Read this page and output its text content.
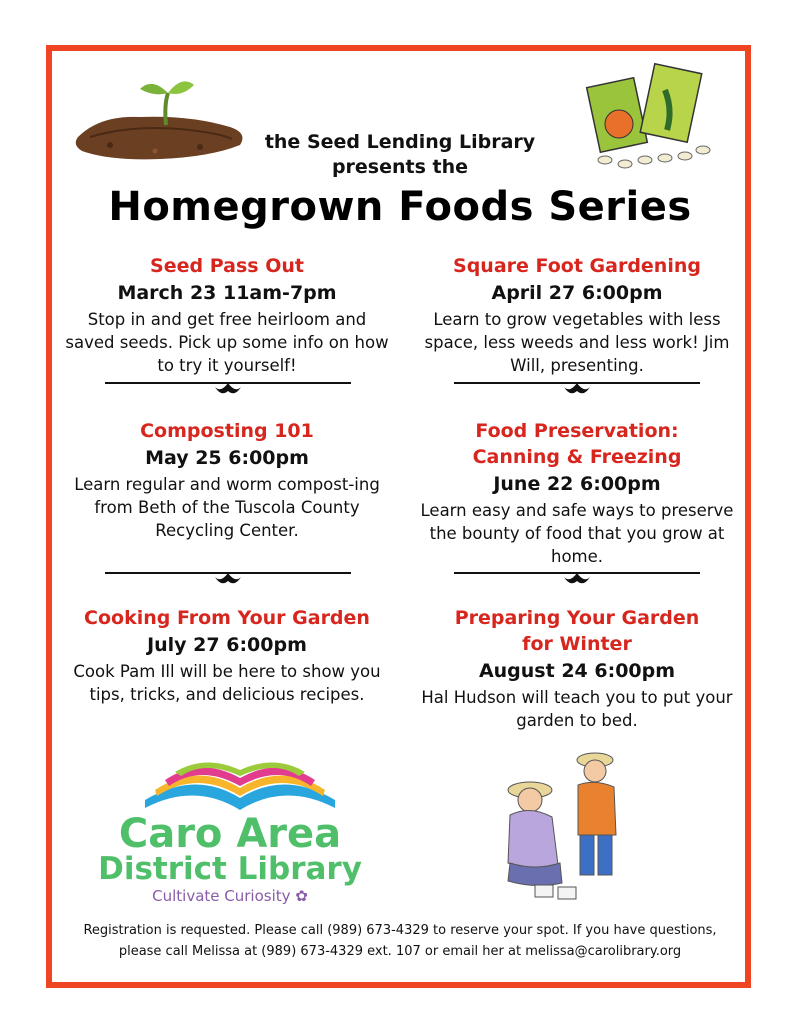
the Seed Lending Library
presents the
Homegrown Foods Series
Seed Pass Out
March 23 11am-7pm
Stop in and get free heirloom and saved seeds. Pick up some info on how to try it yourself!
Square Foot Gardening
April 27 6:00pm
Learn to grow vegetables with less space, less weeds and less work! Jim Will, presenting.
Composting 101
May 25 6:00pm
Learn regular and worm compost-ing from Beth of the Tuscola County Recycling Center.
Food Preservation:
Canning & Freezing
June 22 6:00pm
Learn easy and safe ways to preserve the bounty of food that you grow at home.
Cooking From Your Garden
July 27 6:00pm
Cook Pam Ill will be here to show you tips, tricks, and delicious recipes.
Preparing Your Garden
for Winter
August 24 6:00pm
Hal Hudson will teach you to put your garden to bed.
Caro Area
District Library
Cultivate Curiosity ✿
Registration is requested. Please call (989) 673-4329 to reserve your spot. If you have questions,
please call Melissa at (989) 673-4329 ext. 107 or email her at melissa@carolibrary.org
